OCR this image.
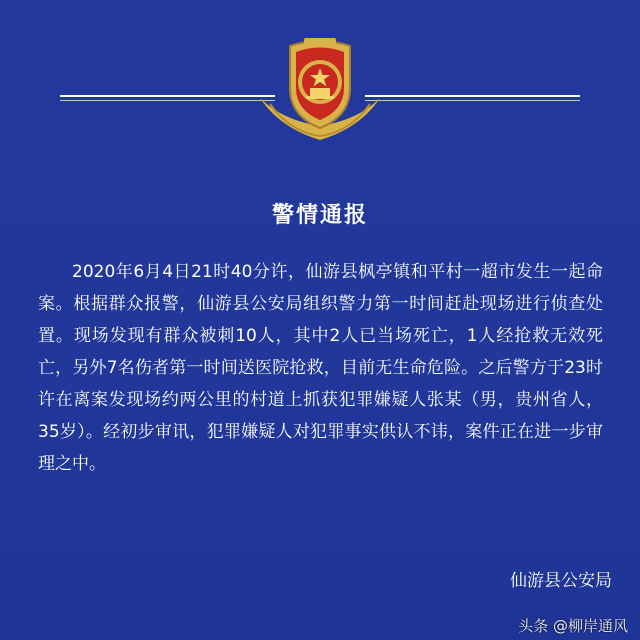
警情通报
2020年6月4日21时40分许，仙游县枫亭镇和平村一超市发生一起命案。根据群众报警，仙游县公安局组织警力第一时间赶赴现场进行侦查处置。现场发现有群众被刺10人，其中2人已当场死亡，1人经抢救无效死亡，另外7名伤者第一时间送医院抢救，目前无生命危险。之后警方于23时许在离案发现场约两公里的村道上抓获犯罪嫌疑人张某（男，贵州省人，35岁）。经初步审讯，犯罪嫌疑人对犯罪事实供认不讳，案件正在进一步审理之中。
仙游县公安局
头条 @柳岸通风
